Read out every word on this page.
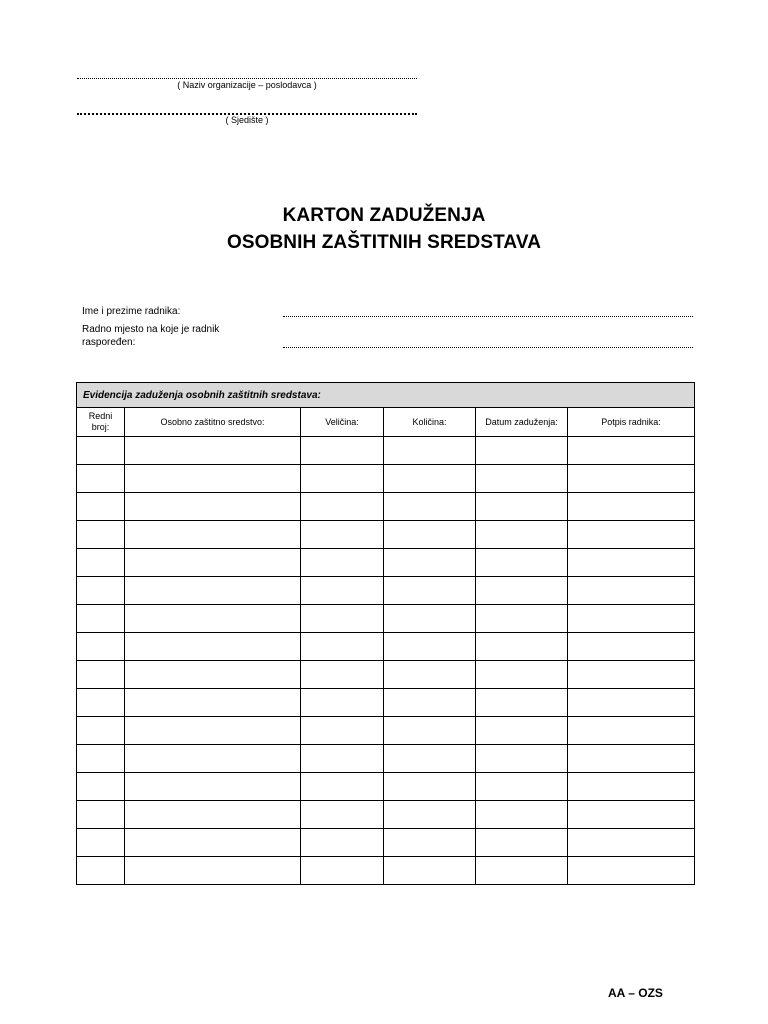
( Naziv organizacije – poslodavca )
( Sjedište )
KARTON ZADUŽENJA
OSOBNIH ZAŠTITNIH SREDSTAVA
Ime i prezime radnika:
Radno mjesto na koje je radnik
raspoređen:
Evidencija zaduženja osobnih zaštitnih sredstava:					
Redni broj:	Osobno zaštitno sredstvo:	Veličina:	Količina:	Datum zaduženja:	Potpis radnika:

AA – OZS
